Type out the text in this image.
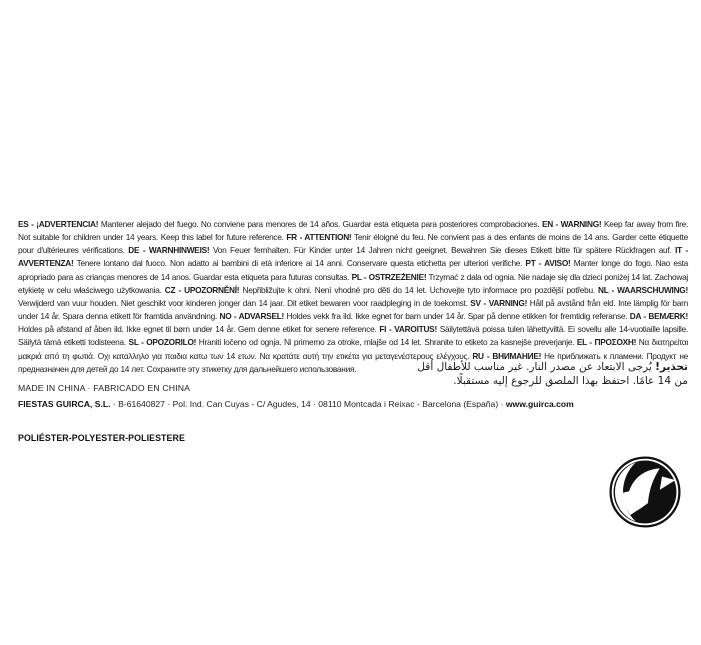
ES - ¡ADVERTENCIA! Mantener alejado del fuego. No conviene para menores de 14 años. Guardar esta etiqueta para posteriores comprobaciones. EN - WARNING! Keep far away from fire. Not suitable for children under 14 years. Keep this label for future reference. FR - ATTENTION! Tenir éloigné du feu. Ne convient pas a des enfants de moins de 14 ans. Garder cette étiquette pour d'ultérieures vérifications. DE - WARNHINWEIS! Von Feuer fernhalten. Für Kinder unter 14 Jahren nicht geeignet. Bewahren Sie dieses Etikett bitte für spätere Rückfragen auf. IT - AVVERTENZA! Tenere lontano dal fuoco. Non adatto ai bambini di età inferiore ai 14 anni. Conservare questa etichetta per ulteriori verifiche. PT - AVISO! Manter longe do fogo. Nao esta apropriado para as crianças menores de 14 anos. Guardar esta etiqueta para futuras consultas. PL - OSTRZEŻENIE! Trzymać z dala od ognia. Nie nadaje się dla dzieci poniżej 14 lat. Zachowaj etykietę w celu właściwego użytkowania. CZ - UPOZORNĚNÍ! Nepřibližujte k ohni. Není vhodné pro děti do 14 let. Uchovejte tyto informace pro pozdější potřebu. NL - WAARSCHUWING! Verwijderd van vuur houden. Niet geschikt voor kinderen jonger dan 14 jaar. Dit etiket bewaren voor raadpleging in de toekomst. SV - VARNING! Håll på avstånd från eld. Inte lämplig för barn under 14 år. Spara denna etikett för framtida användning. NO - ADVARSEL! Holdes vekk fra ild. Ikke egnet for barn under 14 år. Spar på denne etikken for fremtidig referanse. DA - BEMÆRK! Holdes på afstand af åben ild. Ikke egnet til børn under 14 år. Gem denne etiket for senere reference. FI - VAROITUS! Säilytettävä poissa tulen lähettyviltä. Ei sovellu alle 14-vuotiaille lapsille. Säilytä tämä etiketti todisteena. SL - OPOZORILO! Hraniti ločeno od ognja. Ni primemo za otroke, mlajše od 14 let. Shranite to etiketo za kasnejše preverjanje. EL - ΠΡΟΣΟΧΗ! Να διατηρείται μακριά από τη φωτιά. Οχι καταλληλο για παιδια κατω των 14 ετων. Να κρατάτε αυτή την ετικέτα για μεταγενέστερους ελέγχους. RU - ВНИМАНИЕ! Не приближать к пламени. Продукт не предназначен для детей до 14 лет. Сохраните эту этикетку для дальнейшего использования.	تحذير! يُرجى الابتعاد عن مصدر النار. غير مناسب للأطفال أقل
من 14 عامًا. احتفظ بهذا الملصق للرجوع إليه مستقبلًا.
MADE IN CHINA · FABRICADO EN CHINA
FIESTAS GUIRCA, S.L. · B-61640827 · Pol. Ind. Can Cuyas - C/ Agudes, 14 · 08110 Montcada i Reixac - Barcelona (España) · www.guirca.com
POLIÉSTER-POLYESTER-POLIESTERE
